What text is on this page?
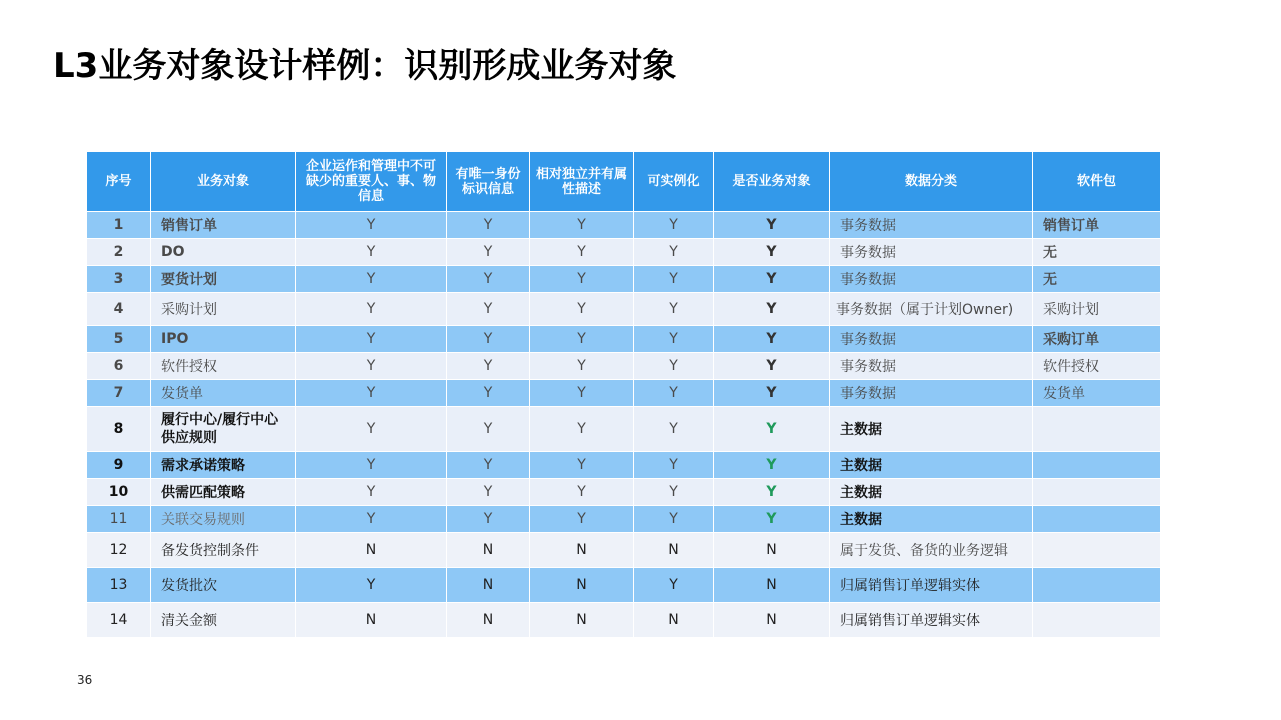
L3业务对象设计样例：识别形成业务对象
序号	业务对象	企业运作和管理中不可缺少的重要人、事、物信息	有唯一身份标识信息	相对独立并有属性描述	可实例化	是否业务对象	数据分类	软件包
1	销售订单	Y	Y	Y	Y	Y	事务数据	销售订单
2	DO	Y	Y	Y	Y	Y	事务数据	无
3	要货计划	Y	Y	Y	Y	Y	事务数据	无
4	采购计划	Y	Y	Y	Y	Y	事务数据（属于计划Owner)	采购计划
5	IPO	Y	Y	Y	Y	Y	事务数据	采购订单
6	软件授权	Y	Y	Y	Y	Y	事务数据	软件授权
7	发货单	Y	Y	Y	Y	Y	事务数据	发货单
8	履行中心/履行中心供应规则	Y	Y	Y	Y	Y	主数据	
9	需求承诺策略	Y	Y	Y	Y	Y	主数据	
10	供需匹配策略	Y	Y	Y	Y	Y	主数据	
11	关联交易规则	Y	Y	Y	Y	Y	主数据	
12	备发货控制条件	N	N	N	N	N	属于发货、备货的业务逻辑	
13	发货批次	Y	N	N	Y	N	归属销售订单逻辑实体	
14	清关金额	N	N	N	N	N	归属销售订单逻辑实体	
36
